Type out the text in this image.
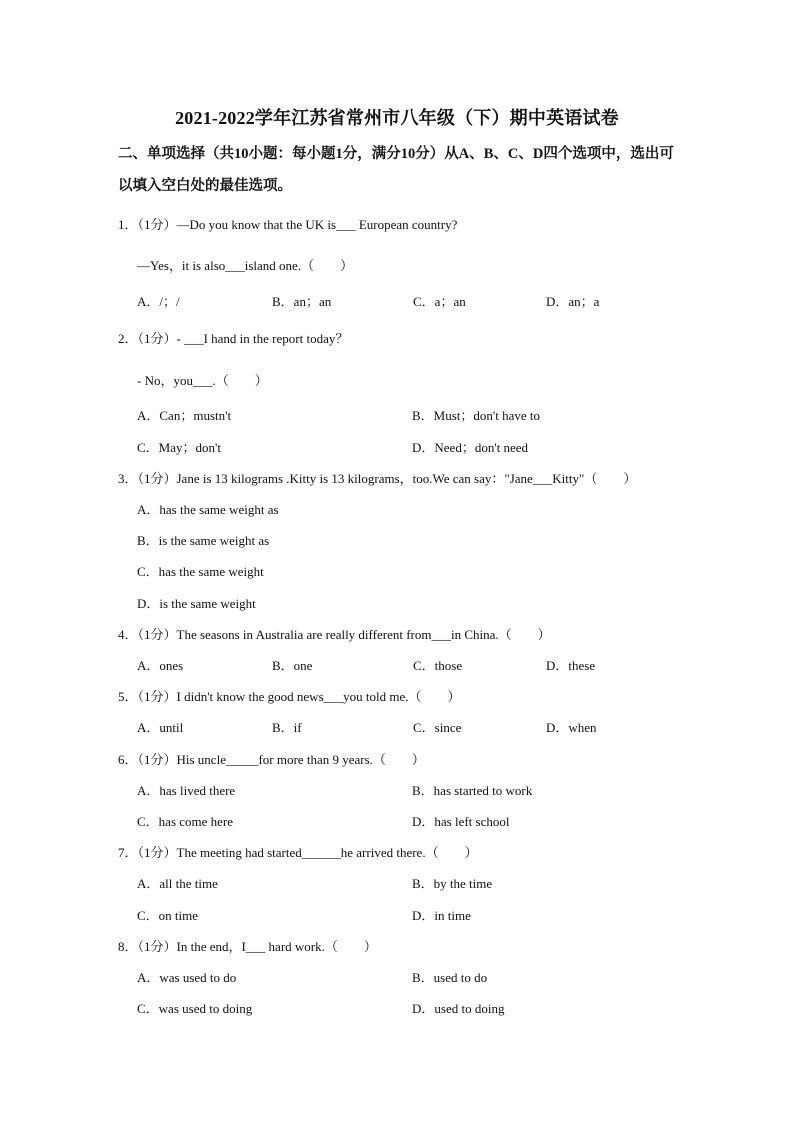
2021-2022学年江苏省常州市八年级（下）期中英语试卷
二、单项选择（共10小题：每小题1分，满分10分）从A、B、C、D四个选项中，选出可以填入空白处的最佳选项。
1．（1分）—Do you know that the UK is___ European country?
—Yes，it is also___island one.（　　）
A．/；/	B．an；an	C．a；an	D．an；a
2．（1分）- ___I hand in the report today？
- No，you___.（　　）
A．Can；mustn't	B．Must；don't have to
C．May；don't	D．Need；don't need
3．（1分）Jane is 13 kilograms .Kitty is 13 kilograms，too.We can say："Jane___Kitty"（　　）
A．has the same weight as
B．is the same weight as
C．has the same weight
D．is the same weight
4．（1分）The seasons in Australia are really different from___in China.（　　）
A．ones	B．one	C．those	D．these
5．（1分）I didn't know the good news___you told me.（　　）
A．until	B．if	C．since	D．when
6．（1分）His uncle_____for more than 9 years.（　　）
A．has lived there	B．has started to work
C．has come here	D．has left school
7．（1分）The meeting had started______he arrived there.（　　）
A．all the time	B．by the time
C．on time	D．in time
8．（1分）In the end，I___ hard work.（　　）
A．was used to do	B．used to do
C．was used to doing	D．used to doing
